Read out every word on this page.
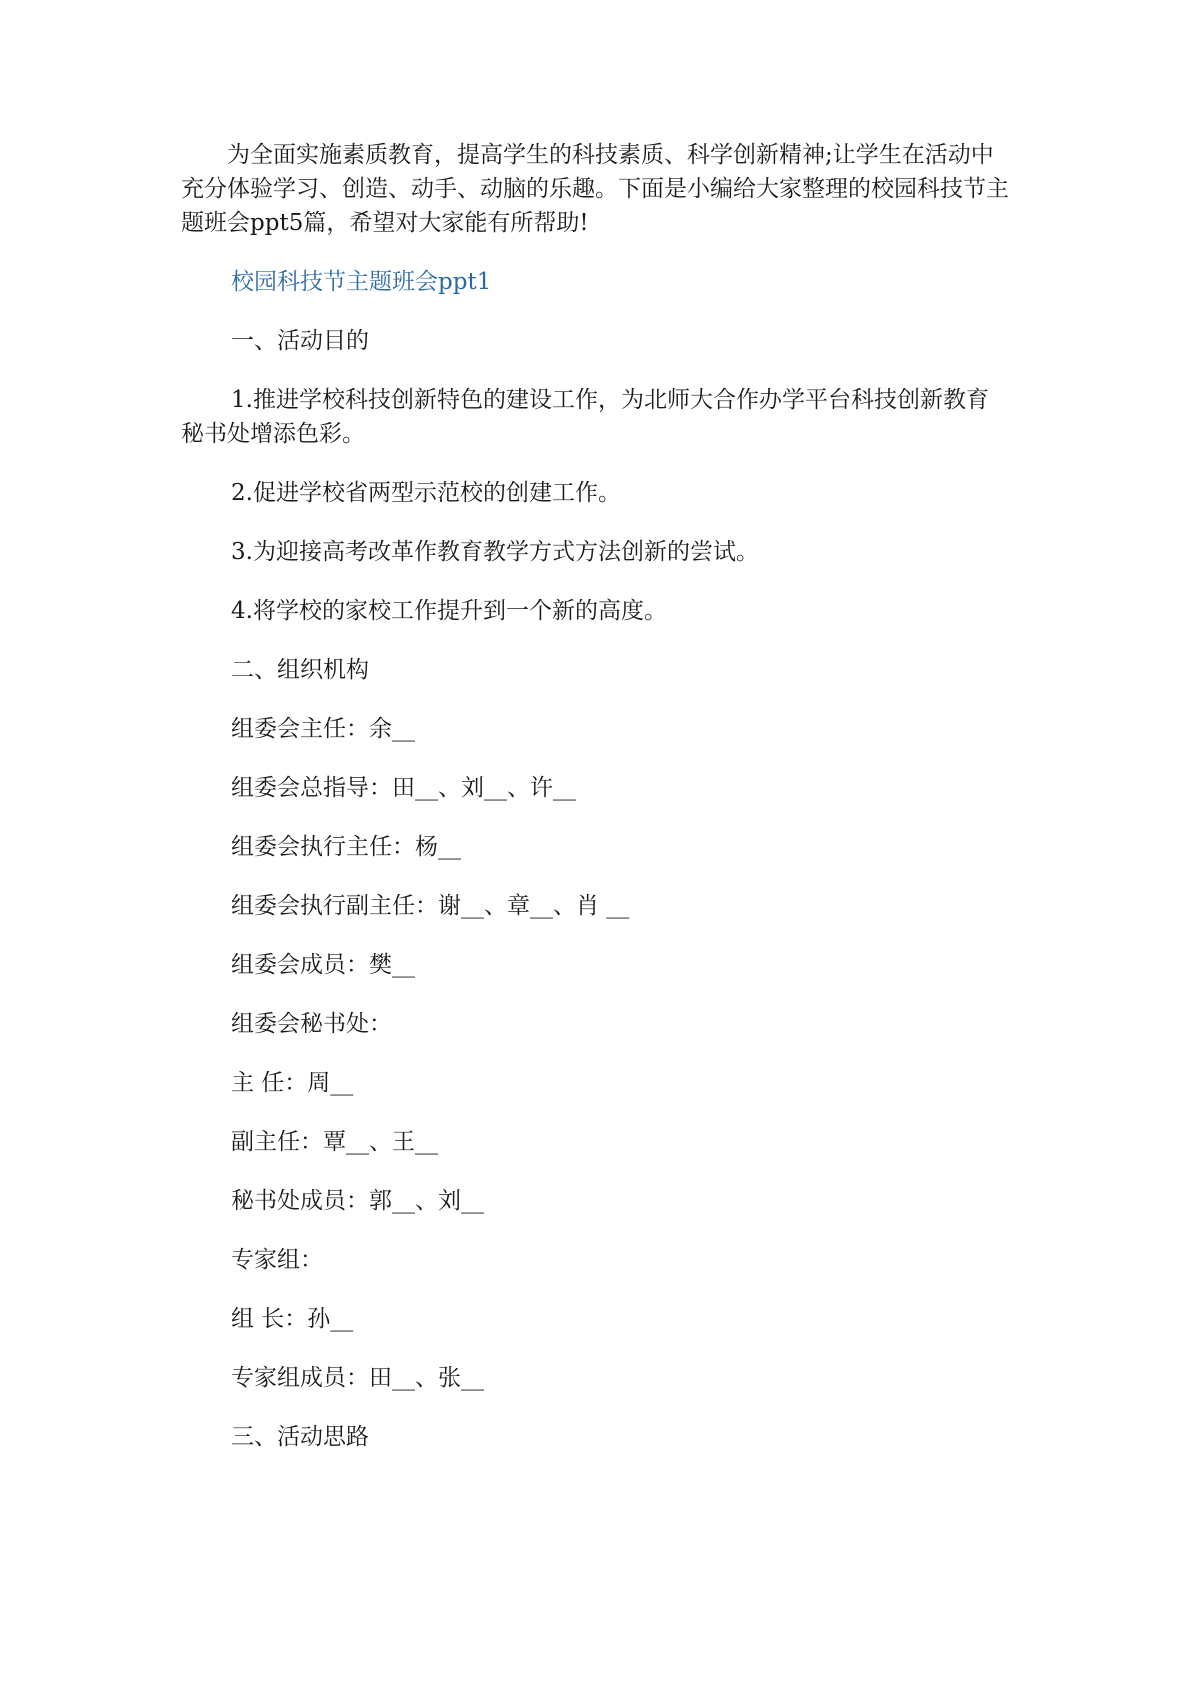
为全面实施素质教育，提高学生的科技素质、科学创新精神;让学生在活动中充分体验学习、创造、动手、动脑的乐趣。下面是小编给大家整理的校园科技节主题班会ppt5篇，希望对大家能有所帮助!

校园科技节主题班会ppt1

一、活动目的

1.推进学校科技创新特色的建设工作，为北师大合作办学平台科技创新教育秘书处增添色彩。

2.促进学校省两型示范校的创建工作。

3.为迎接高考改革作教育教学方式方法创新的尝试。

4.将学校的家校工作提升到一个新的高度。

二、组织机构

组委会主任：余__

组委会总指导：田__、刘__、许__

组委会执行主任：杨__

组委会执行副主任：谢__、章__、肖 __

组委会成员：樊__

组委会秘书处：

主 任：周__

副主任：覃__、王__

秘书处成员：郭__、刘__

专家组：

组 长：孙__

专家组成员：田__、张__

三、活动思路
